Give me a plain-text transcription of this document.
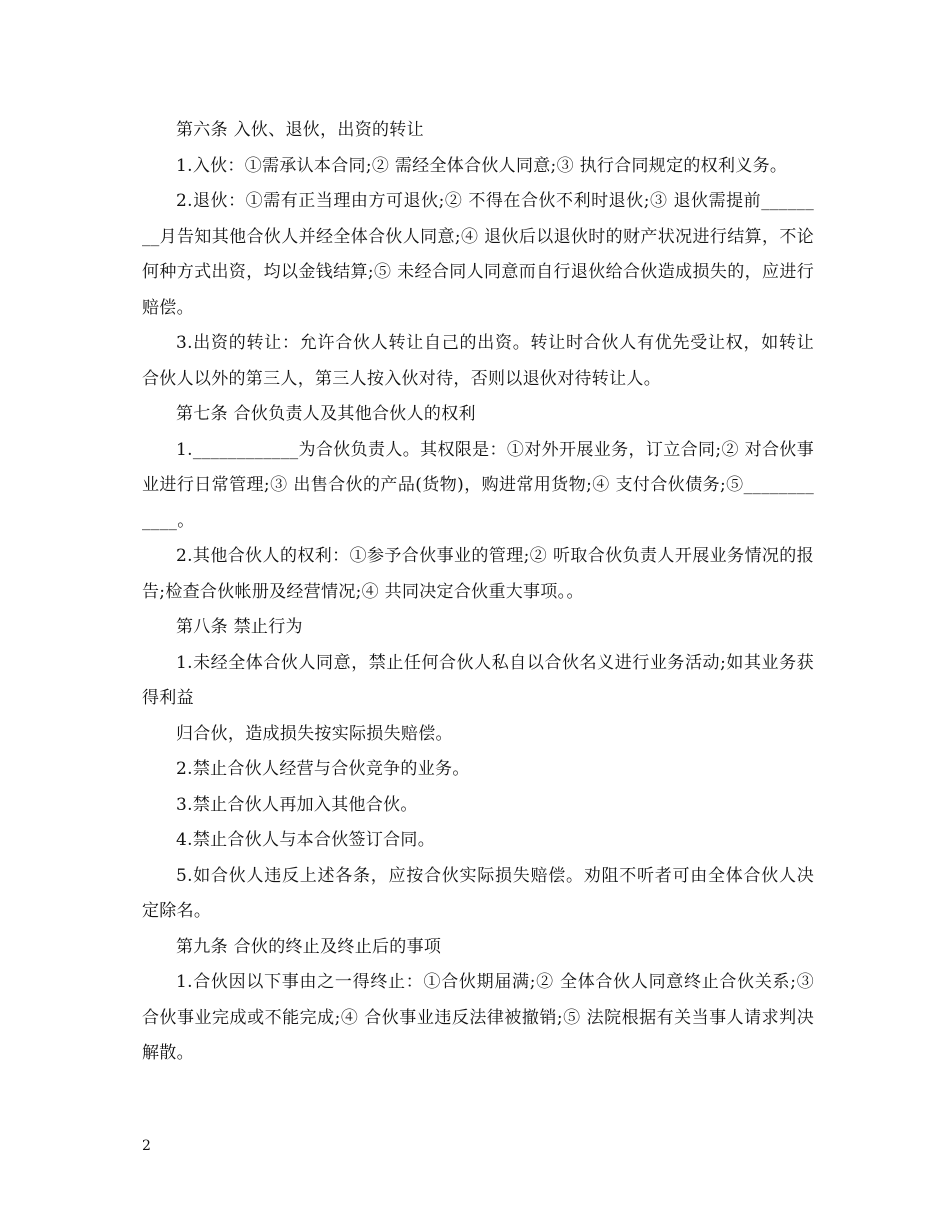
第六条 入伙、退伙，出资的转让

1.入伙：①需承认本合同;② 需经全体合伙人同意;③ 执行合同规定的权利义务。

2.退伙：①需有正当理由方可退伙;② 不得在合伙不利时退伙;③ 退伙需提前________月告知其他合伙人并经全体合伙人同意;④ 退伙后以退伙时的财产状况进行结算，不论何种方式出资，均以金钱结算;⑤ 未经合同人同意而自行退伙给合伙造成损失的，应进行赔偿。

3.出资的转让：允许合伙人转让自己的出资。转让时合伙人有优先受让权，如转让合伙人以外的第三人，第三人按入伙对待，否则以退伙对待转让人。

第七条 合伙负责人及其他合伙人的权利

1.____________为合伙负责人。其权限是：①对外开展业务，订立合同;② 对合伙事业进行日常管理;③ 出售合伙的产品(货物)，购进常用货物;④ 支付合伙债务;⑤____________。

2.其他合伙人的权利：①参予合伙事业的管理;② 听取合伙负责人开展业务情况的报告;检查合伙帐册及经营情况;④ 共同决定合伙重大事项。。

第八条 禁止行为

1.未经全体合伙人同意，禁止任何合伙人私自以合伙名义进行业务活动;如其业务获得利益

归合伙，造成损失按实际损失赔偿。

2.禁止合伙人经营与合伙竞争的业务。

3.禁止合伙人再加入其他合伙。

4.禁止合伙人与本合伙签订合同。

5.如合伙人违反上述各条，应按合伙实际损失赔偿。劝阻不听者可由全体合伙人决定除名。

第九条 合伙的终止及终止后的事项

1.合伙因以下事由之一得终止：①合伙期届满;② 全体合伙人同意终止合伙关系;③ 合伙事业完成或不能完成;④ 合伙事业违反法律被撤销;⑤ 法院根据有关当事人请求判决解散。

2
